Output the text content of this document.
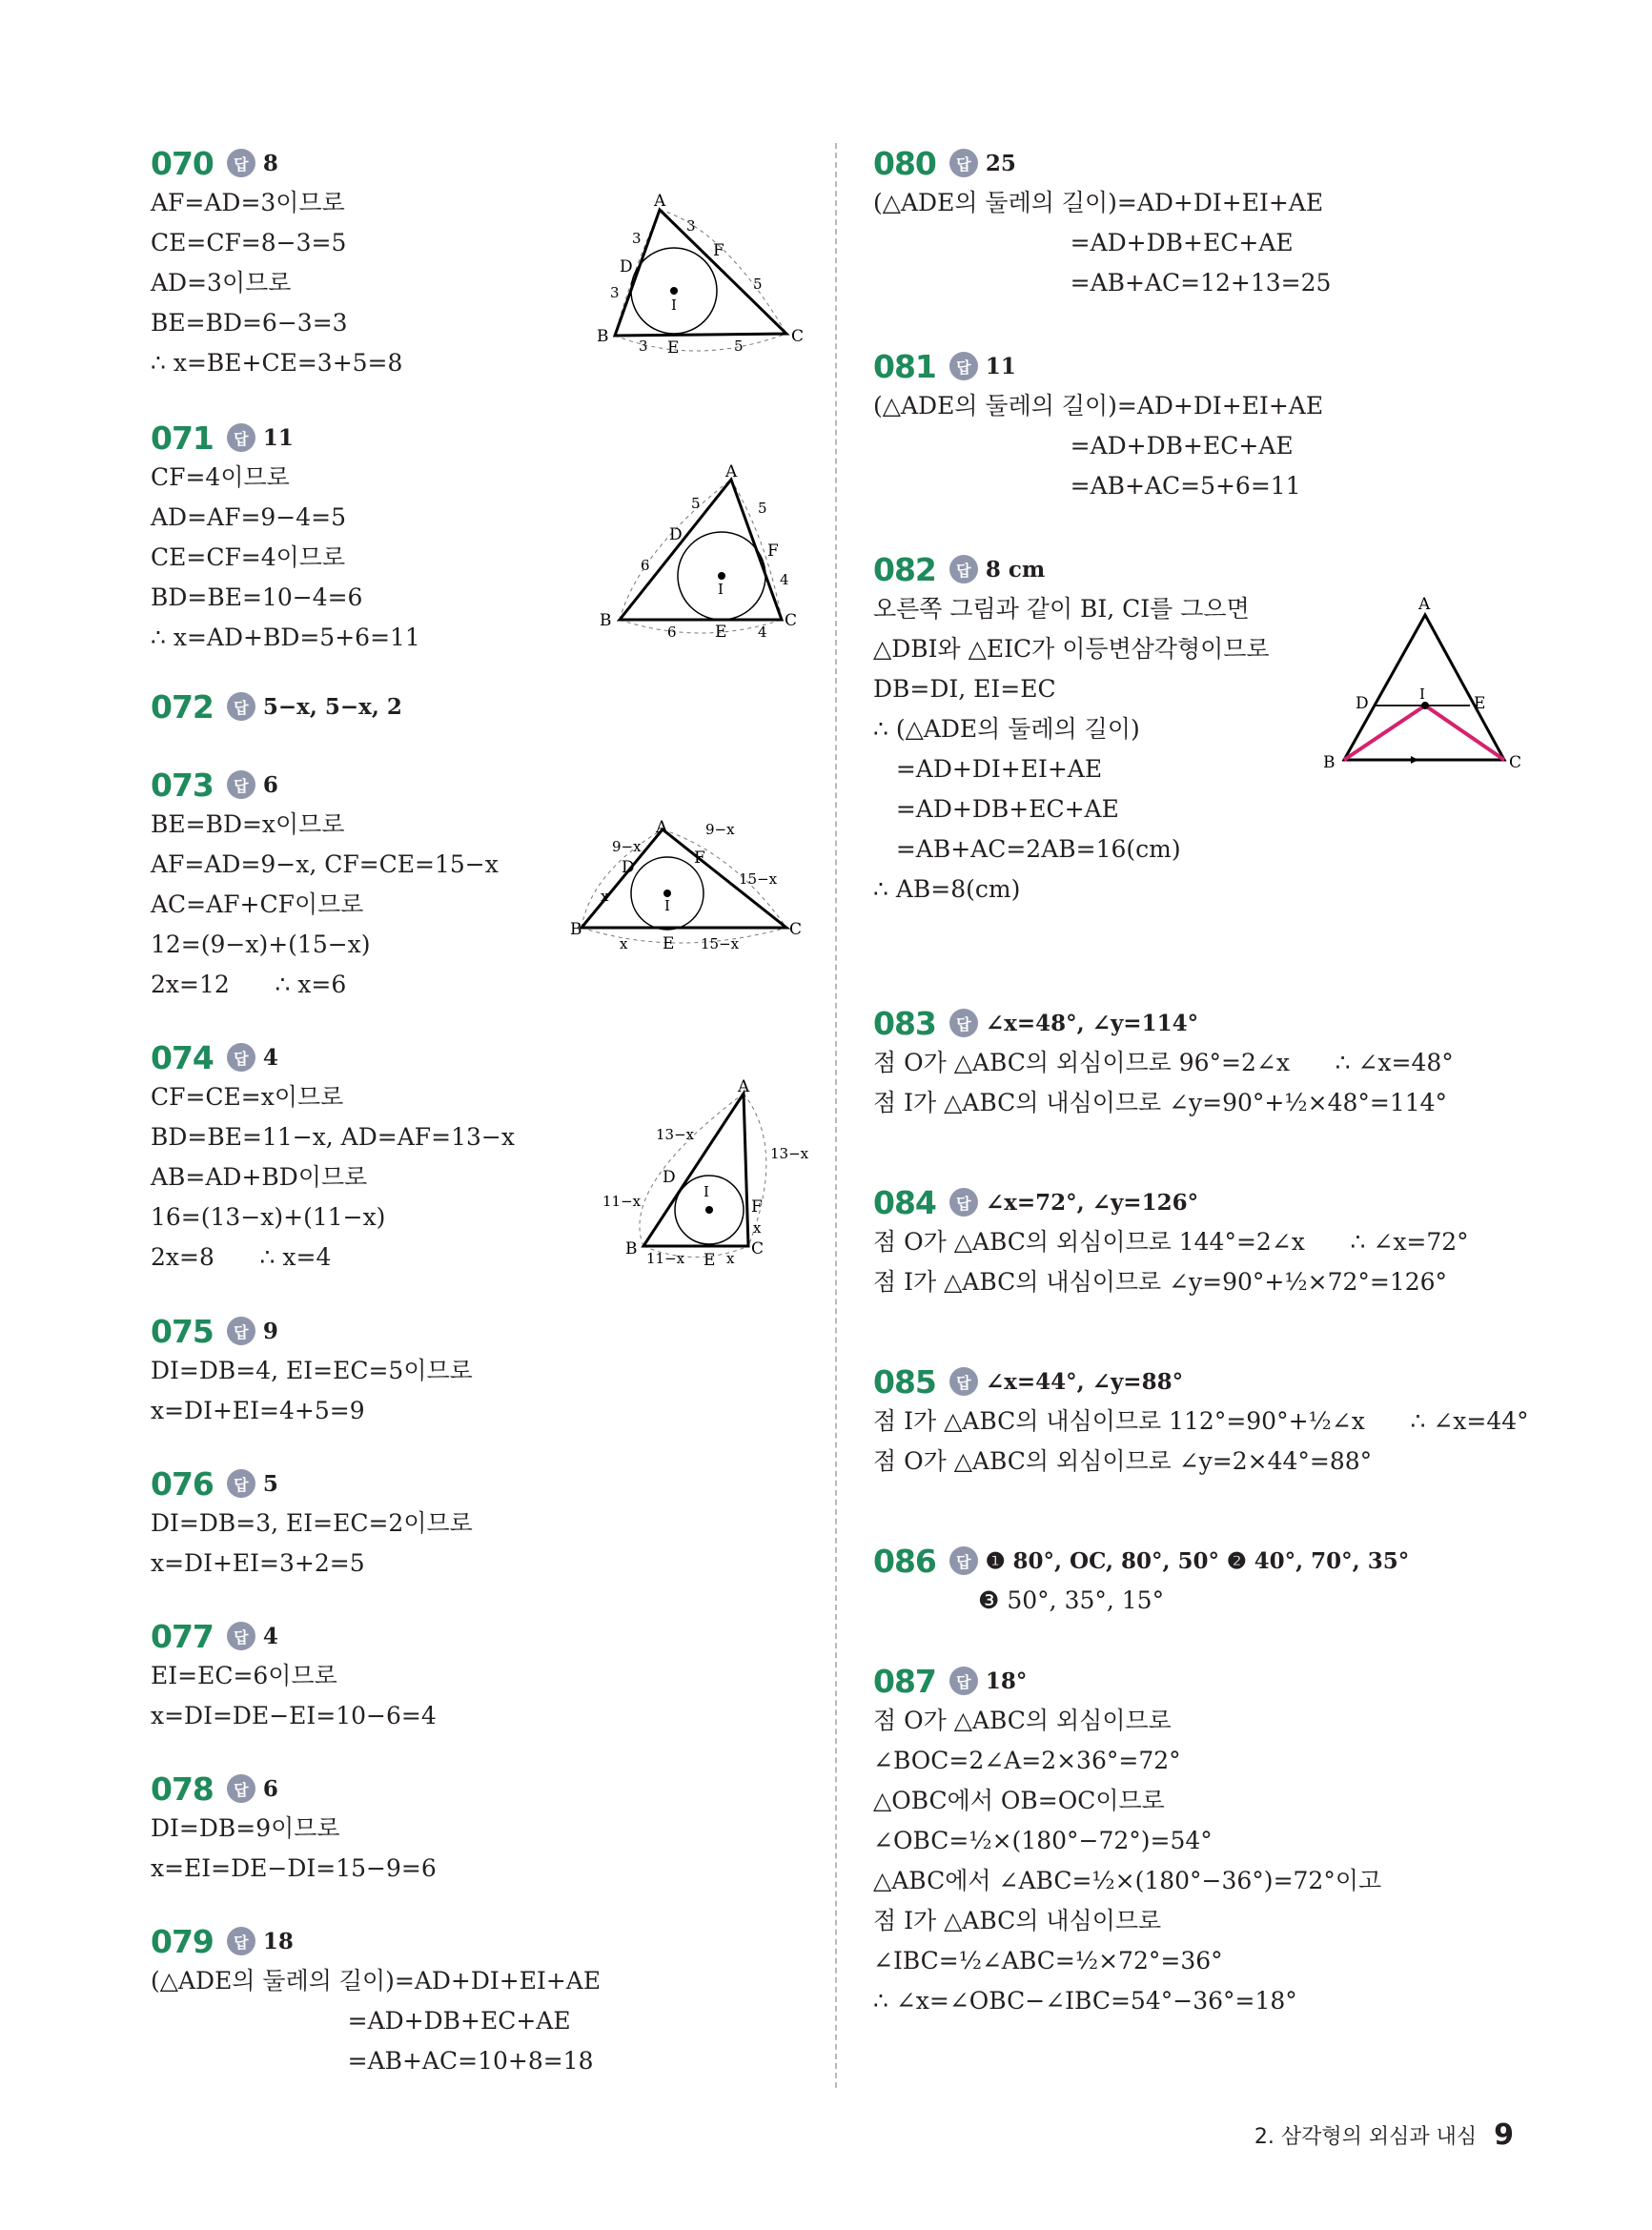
070	답 8
AF=AD=3이므로
CE=CF=8−3=5
AD=3이므로
BE=BD=6−3=3
∴ x=BE+CE=3+5=8
071	답 11
CF=4이므로
AD=AF=9−4=5
CE=CF=4이므로
BD=BE=10−4=6
∴ x=AD+BD=5+6=11
072	답 5−x, 5−x, 2
073	답 6
BE=BD=x이므로
AF=AD=9−x, CF=CE=15−x
AC=AF+CF이므로
12=(9−x)+(15−x)
2x=12      ∴ x=6
074	답 4
CF=CE=x이므로
BD=BE=11−x, AD=AF=13−x
AB=AD+BD이므로
16=(13−x)+(11−x)
2x=8      ∴ x=4
075	답 9
DI=DB=4, EI=EC=5이므로
x=DI+EI=4+5=9
076	답 5
DI=DB=3, EI=EC=2이므로
x=DI+EI=3+2=5
077	답 4
EI=EC=6이므로
x=DI=DE−EI=10−6=4
078	답 6
DI=DB=9이므로
x=EI=DE−DI=15−9=6
079	답 18
(△ADE의 둘레의 길이)=AD+DI+EI+AE
=AD+DB+EC+AE
=AB+AC=10+8=18
080	답 25
(△ADE의 둘레의 길이)=AD+DI+EI+AE
=AD+DB+EC+AE
=AB+AC=12+13=25
081	답 11
(△ADE의 둘레의 길이)=AD+DI+EI+AE
=AD+DB+EC+AE
=AB+AC=5+6=11
082	답 8 cm
오른쪽 그림과 같이 BI, CI를 그으면
△DBI와 △EIC가 이등변삼각형이므로
DB=DI, EI=EC
∴ (△ADE의 둘레의 길이)
=AD+DI+EI+AE
=AD+DB+EC+AE
=AB+AC=2AB=16(cm)
∴ AB=8(cm)
083	답 ∠x=48°, ∠y=114°
점 O가 △ABC의 외심이므로 96°=2∠x      ∴ ∠x=48°
점 I가 △ABC의 내심이므로 ∠y=90°+½×48°=114°
084	답 ∠x=72°, ∠y=126°
점 O가 △ABC의 외심이므로 144°=2∠x      ∴ ∠x=72°
점 I가 △ABC의 내심이므로 ∠y=90°+½×72°=126°
085	답 ∠x=44°, ∠y=88°
점 I가 △ABC의 내심이므로 112°=90°+½∠x      ∴ ∠x=44°
점 O가 △ABC의 외심이므로 ∠y=2×44°=88°
086	답 ❶ 80°, OC, 80°, 50° ❷ 40°, 70°, 35°
❸ 50°, 35°, 15°
087	답 18°
점 O가 △ABC의 외심이므로
∠BOC=2∠A=2×36°=72°
△OBC에서 OB=OC이므로
∠OBC=½×(180°−72°)=54°
△ABC에서 ∠ABC=½×(180°−36°)=72°이고
점 I가 △ABC의 내심이므로
∠IBC=½∠ABC=½×72°=36°
∴ ∠x=∠OBC−∠IBC=54°−36°=18°
A
B	C
D
E
F
I
3
3
3
3
5
5
A
B	C
D
E
F
I
5	5
6
6
4
4
A
B	C
D
E
F
I
9−x
9−x
x
x
15−x
15−x
A
B	C
D
E
F
I
13−x
13−x
11−x
11−x
x
x
A
B	C
D	E
I
2. 삼각형의 외심과 내심 9
